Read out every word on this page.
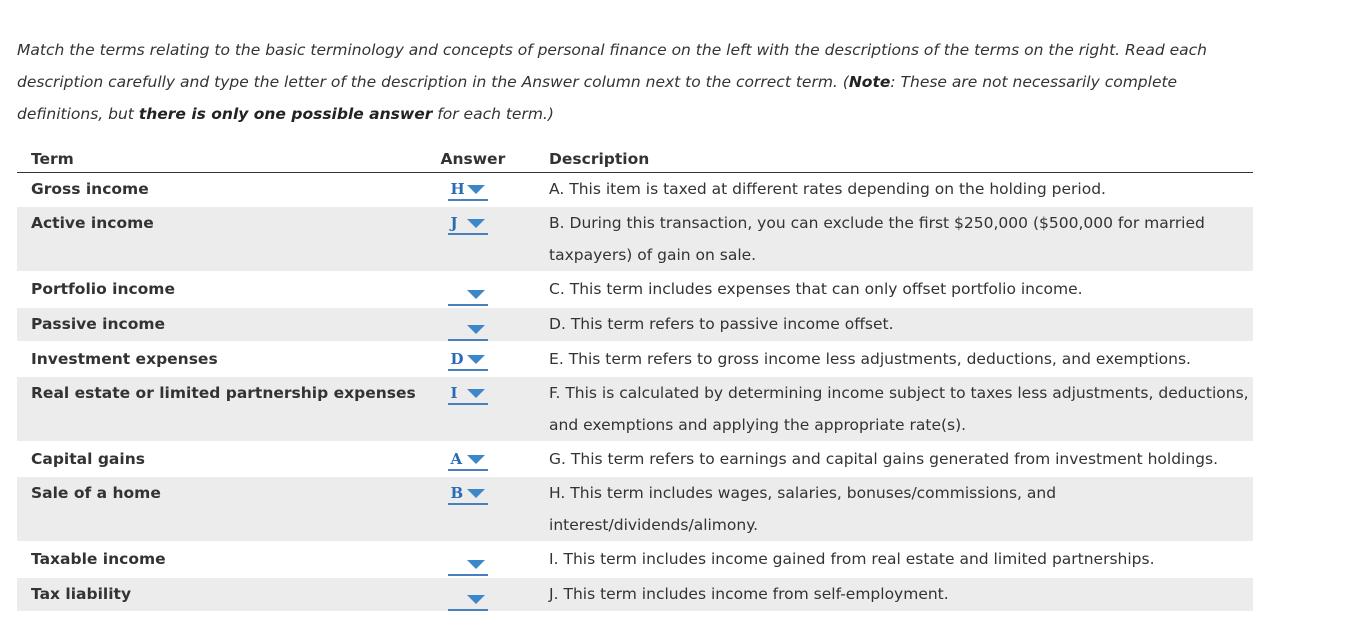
Match the terms relating to the basic terminology and concepts of personal finance on the left with the descriptions of the terms on the right. Read each description carefully and type the letter of the description in the Answer column next to the correct term. (Note: These are not necessarily complete definitions, but there is only one possible answer for each term.)
Term	Answer	Description
Gross income	H	A. This item is taxed at different rates depending on the holding period.
Active income	J	B. During this transaction, you can exclude the first $250,000 ($500,000 for married taxpayers) of gain on sale.
Portfolio income		C. This term includes expenses that can only offset portfolio income.
Passive income		D. This term refers to passive income offset.
Investment expenses	D	E. This term refers to gross income less adjustments, deductions, and exemptions.
Real estate or limited partnership expenses	I	F. This is calculated by determining income subject to taxes less adjustments, deductions, and exemptions and applying the appropriate rate(s).
Capital gains	A	G. This term refers to earnings and capital gains generated from investment holdings.
Sale of a home	B	H. This term includes wages, salaries, bonuses/commissions, and interest/dividends/alimony.
Taxable income		I. This term includes income gained from real estate and limited partnerships.
Tax liability		J. This term includes income from self-employment.
